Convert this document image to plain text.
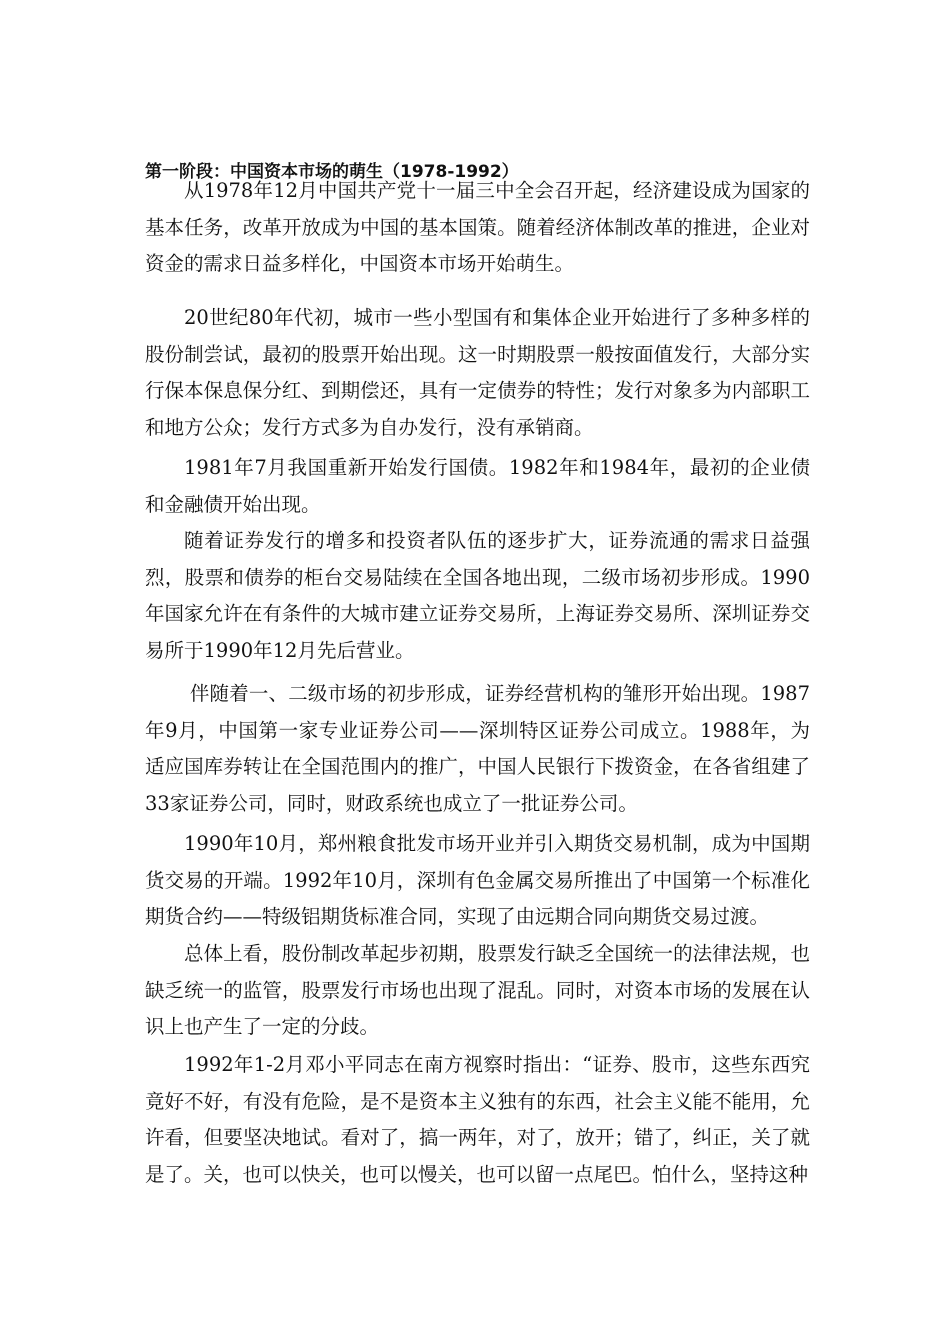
第一阶段：中国资本市场的萌生（1978-1992）

从1978年12月中国共产党十一届三中全会召开起，经济建设成为国家的基本任务，改革开放成为中国的基本国策。随着经济体制改革的推进，企业对资金的需求日益多样化，中国资本市场开始萌生。

20世纪80年代初，城市一些小型国有和集体企业开始进行了多种多样的股份制尝试，最初的股票开始出现。这一时期股票一般按面值发行，大部分实行保本保息保分红、到期偿还，具有一定债券的特性；发行对象多为内部职工和地方公众；发行方式多为自办发行，没有承销商。

1981年7月我国重新开始发行国债。1982年和1984年，最初的企业债和金融债开始出现。

随着证券发行的增多和投资者队伍的逐步扩大，证券流通的需求日益强烈，股票和债券的柜台交易陆续在全国各地出现，二级市场初步形成。1990年国家允许在有条件的大城市建立证券交易所，上海证券交易所、深圳证券交易所于1990年12月先后营业。

伴随着一、二级市场的初步形成，证券经营机构的雏形开始出现。1987年9月，中国第一家专业证券公司——深圳特区证券公司成立。1988年，为适应国库券转让在全国范围内的推广，中国人民银行下拨资金，在各省组建了33家证券公司，同时，财政系统也成立了一批证券公司。

1990年10月，郑州粮食批发市场开业并引入期货交易机制，成为中国期货交易的开端。1992年10月，深圳有色金属交易所推出了中国第一个标准化期货合约——特级铝期货标准合同，实现了由远期合同向期货交易过渡。

总体上看，股份制改革起步初期，股票发行缺乏全国统一的法律法规，也缺乏统一的监管，股票发行市场也出现了混乱。同时，对资本市场的发展在认识上也产生了一定的分歧。

1992年1-2月邓小平同志在南方视察时指出：“证券、股市，这些东西究竟好不好，有没有危险，是不是资本主义独有的东西，社会主义能不能用，允许看，但要坚决地试。看对了，搞一两年，对了，放开；错了，纠正，关了就是了。关，也可以快关，也可以慢关，也可以留一点尾巴。怕什么，坚持这种
